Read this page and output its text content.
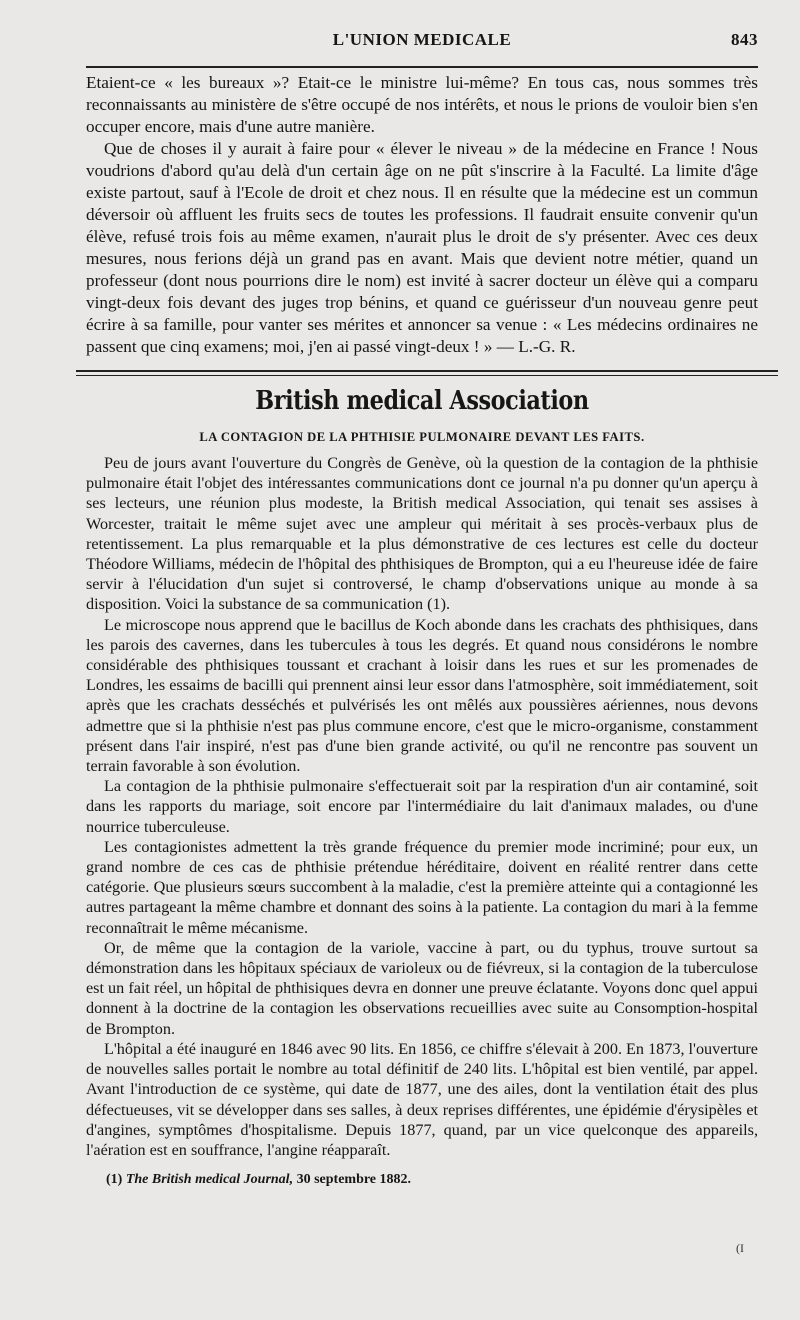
L'UNION MEDICALE	843

Etaient-ce « les bureaux »? Etait-ce le ministre lui-même? En tous cas, nous sommes très reconnaissants au ministère de s'être occupé de nos intérêts, et nous le prions de vouloir bien s'en occuper encore, mais d'une autre manière.

Que de choses il y aurait à faire pour « élever le niveau » de la médecine en France ! Nous voudrions d'abord qu'au delà d'un certain âge on ne pût s'inscrire à la Faculté. La limite d'âge existe partout, sauf à l'Ecole de droit et chez nous. Il en résulte que la médecine est un commun déversoir où affluent les fruits secs de toutes les professions. Il faudrait ensuite convenir qu'un élève, refusé trois fois au même examen, n'aurait plus le droit de s'y présenter. Avec ces deux mesures, nous ferions déjà un grand pas en avant. Mais que devient notre métier, quand un professeur (dont nous pourrions dire le nom) est invité à sacrer docteur un élève qui a comparu vingt-deux fois devant des juges trop bénins, et quand ce guérisseur d'un nouveau genre peut écrire à sa famille, pour vanter ses mérites et annoncer sa venue : « Les médecins ordinaires ne passent que cinq examens; moi, j'en ai passé vingt-deux ! » — L.-G. R.

British medical Association
LA CONTAGION DE LA PHTHISIE PULMONAIRE DEVANT LES FAITS.

Peu de jours avant l'ouverture du Congrès de Genève, où la question de la contagion de la phthisie pulmonaire était l'objet des intéressantes communications dont ce journal n'a pu donner qu'un aperçu à ses lecteurs, une réunion plus modeste, la British medical Association, qui tenait ses assises à Worcester, traitait le même sujet avec une ampleur qui méritait à ses procès-verbaux plus de retentissement. La plus remarquable et la plus démonstrative de ces lectures est celle du docteur Théodore Williams, médecin de l'hôpital des phthisiques de Brompton, qui a eu l'heureuse idée de faire servir à l'élucidation d'un sujet si controversé, le champ d'observations unique au monde à sa disposition. Voici la substance de sa communication (1).

Le microscope nous apprend que le bacillus de Koch abonde dans les crachats des phthisiques, dans les parois des cavernes, dans les tubercules à tous les degrés. Et quand nous considérons le nombre considérable des phthisiques toussant et crachant à loisir dans les rues et sur les promenades de Londres, les essaims de bacilli qui prennent ainsi leur essor dans l'atmosphère, soit immédiatement, soit après que les crachats desséchés et pulvérisés les ont mêlés aux poussières aériennes, nous devons admettre que si la phthisie n'est pas plus commune encore, c'est que le micro-organisme, constamment présent dans l'air inspiré, n'est pas d'une bien grande activité, ou qu'il ne rencontre pas souvent un terrain favorable à son évolution.

La contagion de la phthisie pulmonaire s'effectuerait soit par la respiration d'un air contaminé, soit dans les rapports du mariage, soit encore par l'intermédiaire du lait d'animaux malades, ou d'une nourrice tuberculeuse.

Les contagionistes admettent la très grande fréquence du premier mode incriminé; pour eux, un grand nombre de ces cas de phthisie prétendue héréditaire, doivent en réalité rentrer dans cette catégorie. Que plusieurs sœurs succombent à la maladie, c'est la première atteinte qui a contagionné les autres partageant la même chambre et donnant des soins à la patiente. La contagion du mari à la femme reconnaîtrait le même mécanisme.

Or, de même que la contagion de la variole, vaccine à part, ou du typhus, trouve surtout sa démonstration dans les hôpitaux spéciaux de varioleux ou de fiévreux, si la contagion de la tuberculose est un fait réel, un hôpital de phthisiques devra en donner une preuve éclatante. Voyons donc quel appui donnent à la doctrine de la contagion les observations recueillies avec suite au Consomption-hospital de Brompton.

L'hôpital a été inauguré en 1846 avec 90 lits. En 1856, ce chiffre s'élevait à 200. En 1873, l'ouverture de nouvelles salles portait le nombre au total définitif de 240 lits. L'hôpital est bien ventilé, par appel. Avant l'introduction de ce système, qui date de 1877, une des ailes, dont la ventilation était des plus défectueuses, vit se développer dans ses salles, à deux reprises différentes, une épidémie d'érysipèles et d'angines, symptômes d'hospitalisme. Depuis 1877, quand, par un vice quelconque des appareils, l'aération est en souffrance, l'angine réapparaît.

(1) The British medical Journal, 30 septembre 1882.
(I
